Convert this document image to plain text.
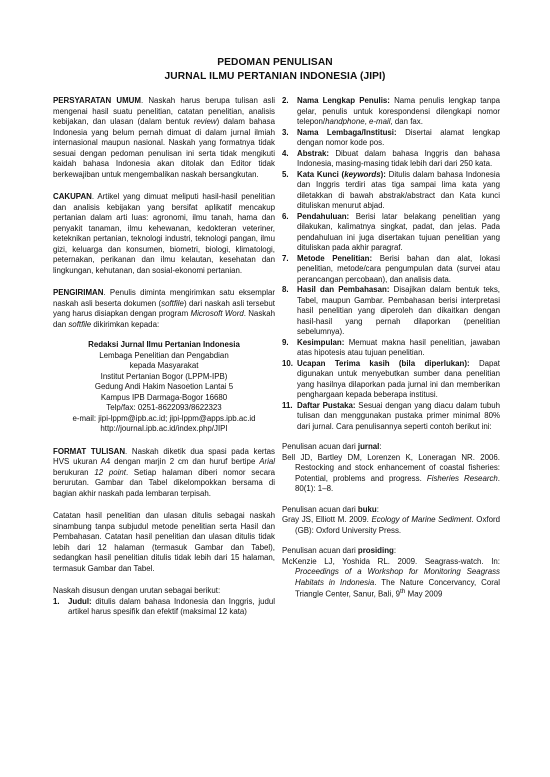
PEDOMAN PENULISAN
JURNAL ILMU PERTANIAN INDONESIA (JIPI)

PERSYARATAN UMUM. Naskah harus berupa tulisan asli mengenai hasil suatu penelitian, catatan penelitian, analisis kebijakan, dan ulasan (dalam bentuk review) dalam bahasa Indonesia yang belum pernah dimuat di dalam jurnal ilmiah internasional maupun nasional. Naskah yang formatnya tidak sesuai dengan pedoman penulisan ini serta tidak mengikuti kaidah bahasa Indonesia akan ditolak dan Editor tidak berkewajiban untuk mengembalikan naskah bersangkutan.

CAKUPAN. Artikel yang dimuat meliputi hasil-hasil penelitian dan analisis kebijakan yang bersifat aplikatif mencakup pertanian dalam arti luas: agronomi, ilmu tanah, hama dan penyakit tanaman, ilmu kehewanan, kedokteran veteriner, keteknikan pertanian, teknologi industri, teknologi pangan, ilmu gizi, keluarga dan konsumen, biometri, biologi, klimatologi, peternakan, perikanan dan ilmu kelautan, kesehatan dan lingkungan, kehutanan, dan sosial-ekonomi pertanian.

PENGIRIMAN. Penulis diminta mengirimkan satu eksemplar naskah asli beserta dokumen (softfile) dari naskah asli tersebut yang harus disiapkan dengan program Microsoft Word. Naskah dan softfile dikirimkan kepada:

Redaksi Jurnal Ilmu Pertanian Indonesia
Lembaga Penelitian dan Pengabdian
kepada Masyarakat
Institut Pertanian Bogor (LPPM-IPB)
Gedung Andi Hakim Nasoetion Lantai 5
Kampus IPB Darmaga-Bogor 16680
Telp/fax: 0251-8622093/8622323
e-mail: jipi-lppm@ipb.ac.id; jipi-lppm@apps.ipb.ac.id
http://journal.ipb.ac.id/index.php/JIPI

FORMAT TULISAN. Naskah diketik dua spasi pada kertas HVS ukuran A4 dengan marjin 2 cm dan huruf bertipe Arial berukuran 12 point. Setiap halaman diberi nomor secara berurutan. Gambar dan Tabel dikelompokkan bersama di bagian akhir naskah pada lembaran terpisah.

Catatan hasil penelitian dan ulasan ditulis sebagai naskah sinambung tanpa subjudul metode penelitian serta Hasil dan Pembahasan. Catatan hasil penelitian dan ulasan ditulis tidak lebih dari 12 halaman (termasuk Gambar dan Tabel), sedangkan hasil penelitian ditulis tidak lebih dari 15 halaman, termasuk Gambar dan Tabel.

Naskah disusun dengan urutan sebagai berikut:

1. Judul: ditulis dalam bahasa Indonesia dan Inggris, judul artikel harus spesifik dan efektif (maksimal 12 kata)
2. Nama Lengkap Penulis: Nama penulis lengkap tanpa gelar, penulis untuk korespondensi dilengkapi nomor telepon/handphone, e-mail, dan fax.
3. Nama Lembaga/Institusi: Disertai alamat lengkap dengan nomor kode pos.
4. Abstrak: Dibuat dalam bahasa Inggris dan bahasa Indonesia, masing-masing tidak lebih dari dari 250 kata.
5. Kata Kunci (keywords): Ditulis dalam bahasa Indonesia dan Inggris terdiri atas tiga sampai lima kata yang diletakkan di bawah abstrak/abstract dan Kata kunci dituliskan menurut abjad.
6. Pendahuluan: Berisi latar belakang penelitian yang dilakukan, kalimatnya singkat, padat, dan jelas. Pada pendahuluan ini juga disertakan tujuan penelitian yang dituliskan pada akhir paragraf.
7. Metode Penelitian: Berisi bahan dan alat, lokasi penelitian, metode/cara pengumpulan data (survei atau perancangan percobaan), dan analisis data.
8. Hasil dan Pembahasan: Disajikan dalam bentuk teks, Tabel, maupun Gambar. Pembahasan berisi interpretasi hasil penelitian yang diperoleh dan dikaitkan dengan hasil-hasil yang pernah dilaporkan (penelitian sebelumnya).
9. Kesimpulan: Memuat makna hasil penelitian, jawaban atas hipotesis atau tujuan penelitian.
10. Ucapan Terima kasih (bila diperlukan): Dapat digunakan untuk menyebutkan sumber dana penelitian yang hasilnya dilaporkan pada jurnal ini dan memberikan penghargaan kepada beberapa institusi.
11. Daftar Pustaka: Sesuai dengan yang diacu dalam tubuh tulisan dan menggunakan pustaka primer minimal 80% dari jurnal. Cara penulisannya seperti contoh berikut ini:
Penulisan acuan dari jurnal:
Bell JD, Bartley DM, Lorenzen K, Loneragan NR. 2006. Restocking and stock enhancement of coastal fisheries: Potential, problems and progress. Fisheries Research. 80(1): 1–8.
Penulisan acuan dari buku:
Gray JS, Elliott M. 2009. Ecology of Marine Sediment. Oxford (GB): Oxford University Press.
Penulisan acuan dari prosiding:
McKenzie LJ, Yoshida RL. 2009. Seagrass-watch. In: Proceedings of a Workshop for Monitoring Seagrass Habitats in Indonesia. The Nature Concervancy, Coral Triangle Center, Sanur, Bali, 9th May 2009
